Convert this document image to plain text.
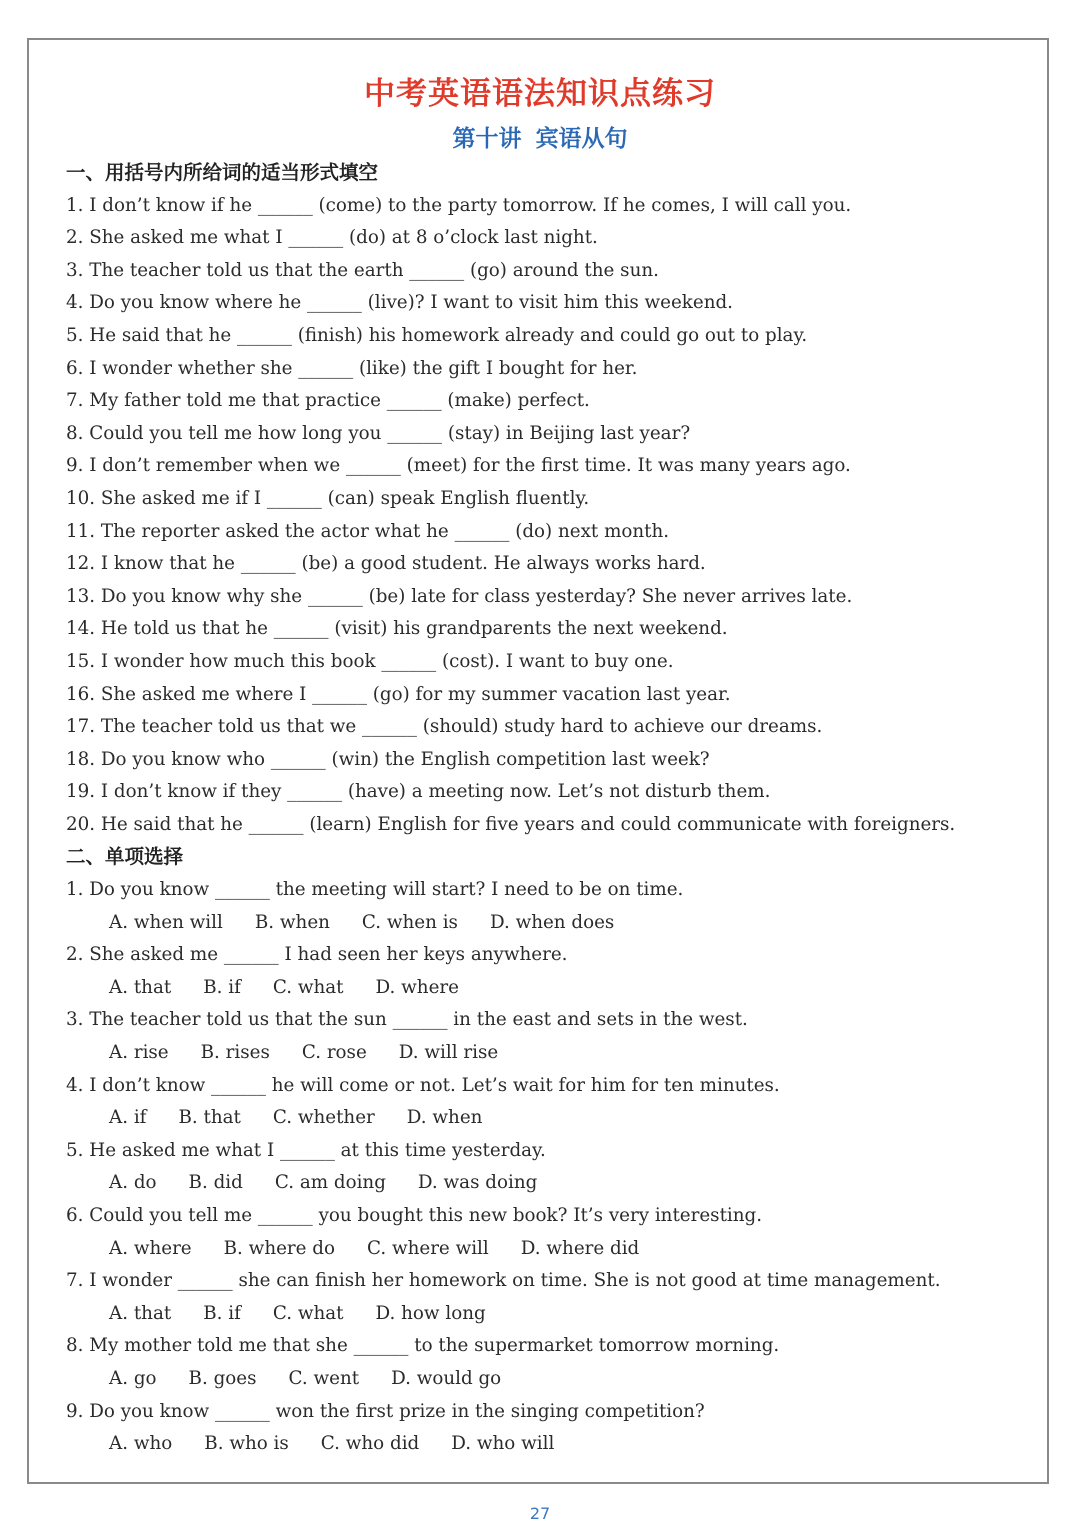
中考英语语法知识点练习
第十讲 宾语从句
一、用括号内所给词的适当形式填空
1. I don’t know if he ______ (come) to the party tomorrow. If he comes, I will call you.
2. She asked me what I ______ (do) at 8 o’clock last night.
3. The teacher told us that the earth ______ (go) around the sun.
4. Do you know where he ______ (live)? I want to visit him this weekend.
5. He said that he ______ (finish) his homework already and could go out to play.
6. I wonder whether she ______ (like) the gift I bought for her.
7. My father told me that practice ______ (make) perfect.
8. Could you tell me how long you ______ (stay) in Beijing last year?
9. I don’t remember when we ______ (meet) for the first time. It was many years ago.
10. She asked me if I ______ (can) speak English fluently.
11. The reporter asked the actor what he ______ (do) next month.
12. I know that he ______ (be) a good student. He always works hard.
13. Do you know why she ______ (be) late for class yesterday? She never arrives late.
14. He told us that he ______ (visit) his grandparents the next weekend.
15. I wonder how much this book ______ (cost). I want to buy one.
16. She asked me where I ______ (go) for my summer vacation last year.
17. The teacher told us that we ______ (should) study hard to achieve our dreams.
18. Do you know who ______ (win) the English competition last week?
19. I don’t know if they ______ (have) a meeting now. Let’s not disturb them.
20. He said that he ______ (learn) English for five years and could communicate with foreigners.
二、单项选择
1. Do you know ______ the meeting will start? I need to be on time.
A. when will B. when C. when is D. when does
2. She asked me ______ I had seen her keys anywhere.
A. that B. if C. what D. where
3. The teacher told us that the sun ______ in the east and sets in the west.
A. rise B. rises C. rose D. will rise
4. I don’t know ______ he will come or not. Let’s wait for him for ten minutes.
A. if B. that C. whether D. when
5. He asked me what I ______ at this time yesterday.
A. do B. did C. am doing D. was doing
6. Could you tell me ______ you bought this new book? It’s very interesting.
A. where B. where do C. where will D. where did
7. I wonder ______ she can finish her homework on time. She is not good at time management.
A. that B. if C. what D. how long
8. My mother told me that she ______ to the supermarket tomorrow morning.
A. go B. goes C. went D. would go
9. Do you know ______ won the first prize in the singing competition?
A. who B. who is C. who did D. who will
27
